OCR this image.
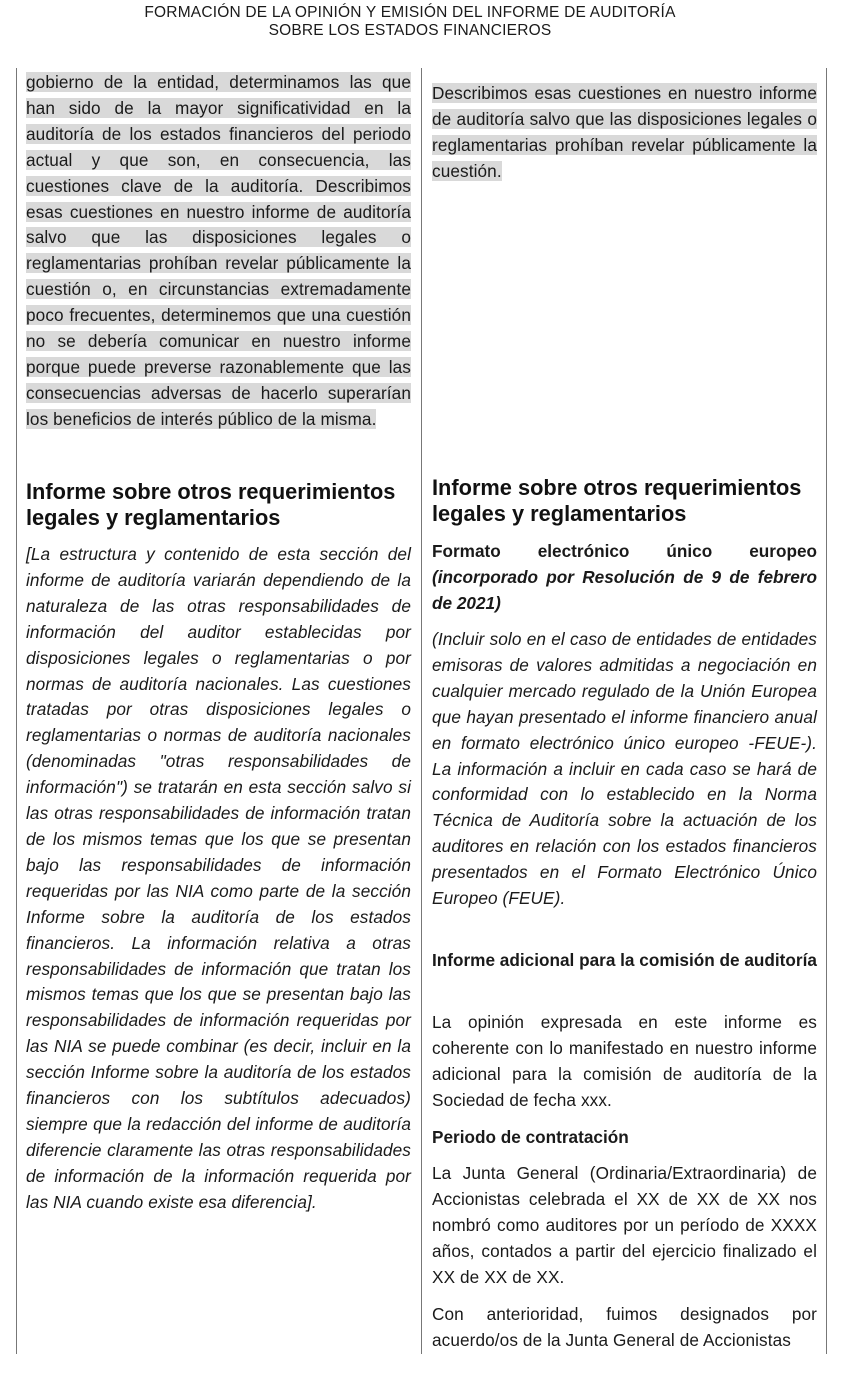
FORMACIÓN DE LA OPINIÓN Y EMISIÓN DEL INFORME DE AUDITORÍA
SOBRE LOS ESTADOS FINANCIEROS

gobierno de la entidad, determinamos las que han sido de la mayor significatividad en la auditoría de los estados financieros del periodo actual y que son, en consecuencia, las cuestiones clave de la auditoría. Describimos esas cuestiones en nuestro informe de auditoría salvo que las disposiciones legales o reglamentarias prohíban revelar públicamente la cuestión o, en circunstancias extremadamente poco frecuentes, determinemos que una cuestión no se debería comunicar en nuestro informe porque puede preverse razonablemente que las consecuencias adversas de hacerlo superarían los beneficios de interés público de la misma.

Informe sobre otros requerimientos legales y reglamentarios

[La estructura y contenido de esta sección del informe de auditoría variarán dependiendo de la naturaleza de las otras responsabilidades de información del auditor establecidas por disposiciones legales o reglamentarias o por normas de auditoría nacionales. Las cuestiones tratadas por otras disposiciones legales o reglamentarias o normas de auditoría nacionales (denominadas "otras responsabilidades de información") se tratarán en esta sección salvo si las otras responsabilidades de información tratan de los mismos temas que los que se presentan bajo las responsabilidades de información requeridas por las NIA como parte de la sección Informe sobre la auditoría de los estados financieros. La información relativa a otras responsabilidades de información que tratan los mismos temas que los que se presentan bajo las responsabilidades de información requeridas por las NIA se puede combinar (es decir, incluir en la sección Informe sobre la auditoría de los estados financieros con los subtítulos adecuados) siempre que la redacción del informe de auditoría diferencie claramente las otras responsabilidades de información de la información requerida por las NIA cuando existe esa diferencia].

Describimos esas cuestiones en nuestro informe de auditoría salvo que las disposiciones legales o reglamentarias prohíban revelar públicamente la cuestión.

Informe sobre otros requerimientos legales y reglamentarios
Formato electrónico único europeo (incorporado por Resolución de 9 de febrero de 2021)

(Incluir solo en el caso de entidades de entidades emisoras de valores admitidas a negociación en cualquier mercado regulado de la Unión Europea que hayan presentado el informe financiero anual en formato electrónico único europeo -FEUE-). La información a incluir en cada caso se hará de conformidad con lo establecido en la Norma Técnica de Auditoría sobre la actuación de los auditores en relación con los estados financieros presentados en el Formato Electrónico Único Europeo (FEUE).

Informe adicional para la comisión de auditoría

La opinión expresada en este informe es coherente con lo manifestado en nuestro informe adicional para la comisión de auditoría de la Sociedad de fecha xxx.

Periodo de contratación

La Junta General (Ordinaria/Extraordinaria) de Accionistas celebrada el XX de XX de XX nos nombró como auditores por un período de XXXX años, contados a partir del ejercicio finalizado el XX de XX de XX.

Con anterioridad, fuimos designados por acuerdo/os de la Junta General de Accionistas
